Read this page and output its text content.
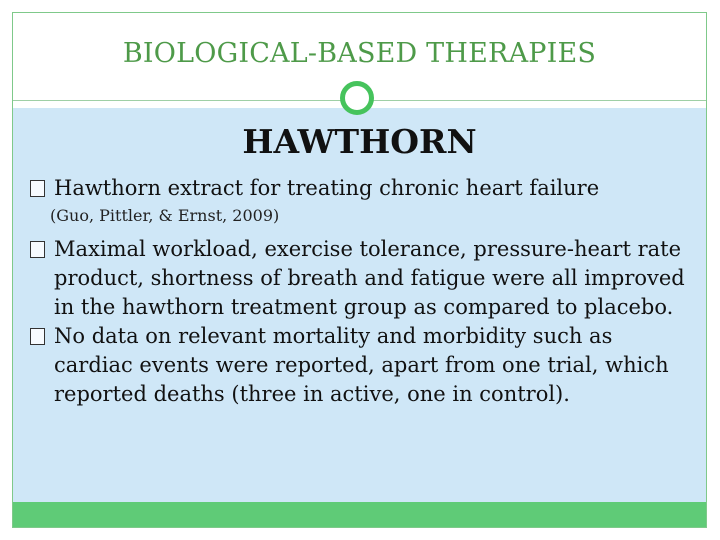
BIOLOGICAL-BASED THERAPIES
HAWTHORN
Hawthorn extract for treating chronic heart failure
(Guo, Pittler, & Ernst, 2009)
Maximal workload, exercise tolerance, pressure-heart rate product, shortness of breath and fatigue were all improved in the hawthorn treatment group as compared to placebo.
No data on relevant mortality and morbidity such as cardiac events were reported, apart from one trial, which reported deaths (three in active, one in control).
